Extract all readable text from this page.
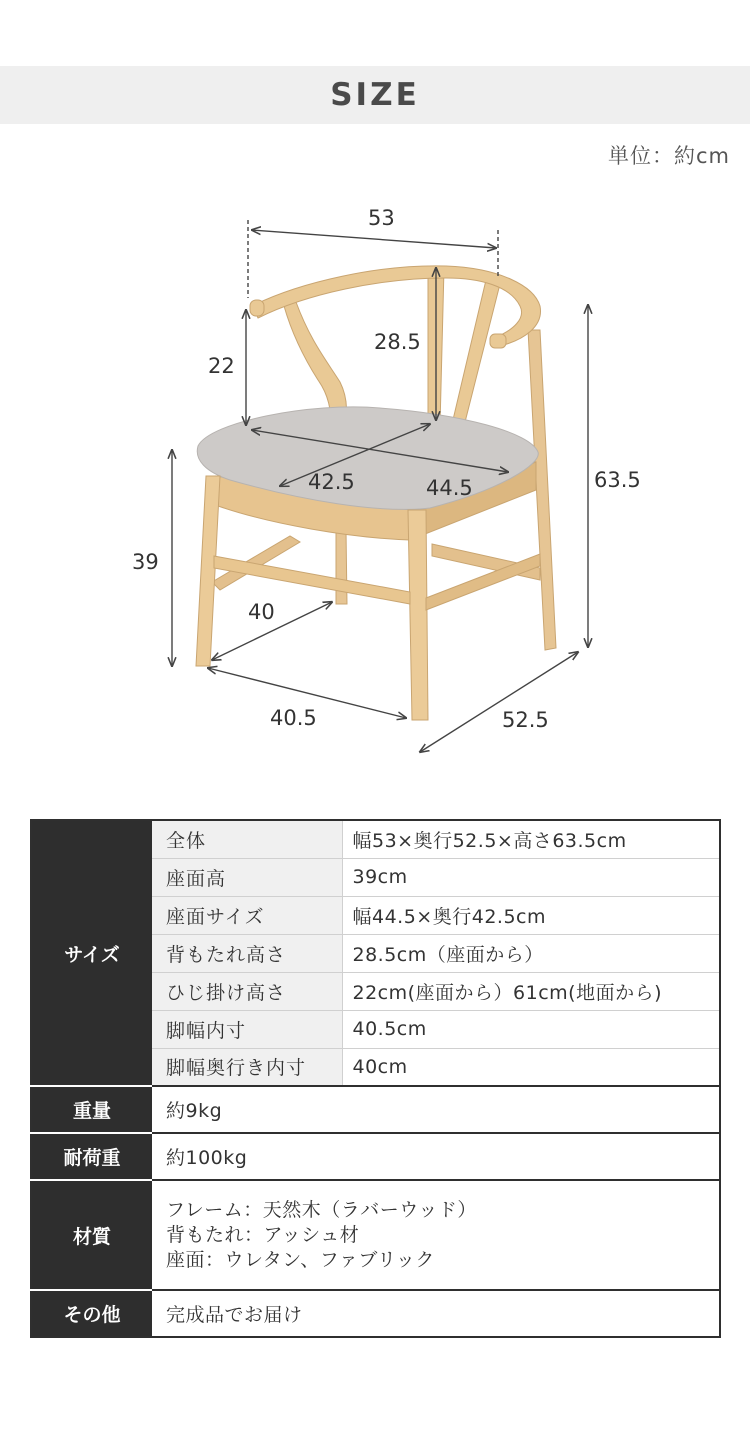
SIZE
単位：約cm
53
28.5
22
42.5	44.5	63.5
39
40
40.5	52.5
サイズ	全体	幅53×奥行52.5×高さ63.5cm
	座面高	39cm
	座面サイズ	幅44.5×奥行42.5cm
	背もたれ高さ	28.5cm（座面から）
	ひじ掛け高さ	22cm(座面から）61cm(地面から)
	脚幅内寸	40.5cm
	脚幅奥行き内寸	40cm
重量	約9kg	
耐荷重	約100kg	
材質	フレーム：天然木（ラバーウッド）
背もたれ：アッシュ材
座面：ウレタン、ファブリック	

その他	完成品でお届け	
